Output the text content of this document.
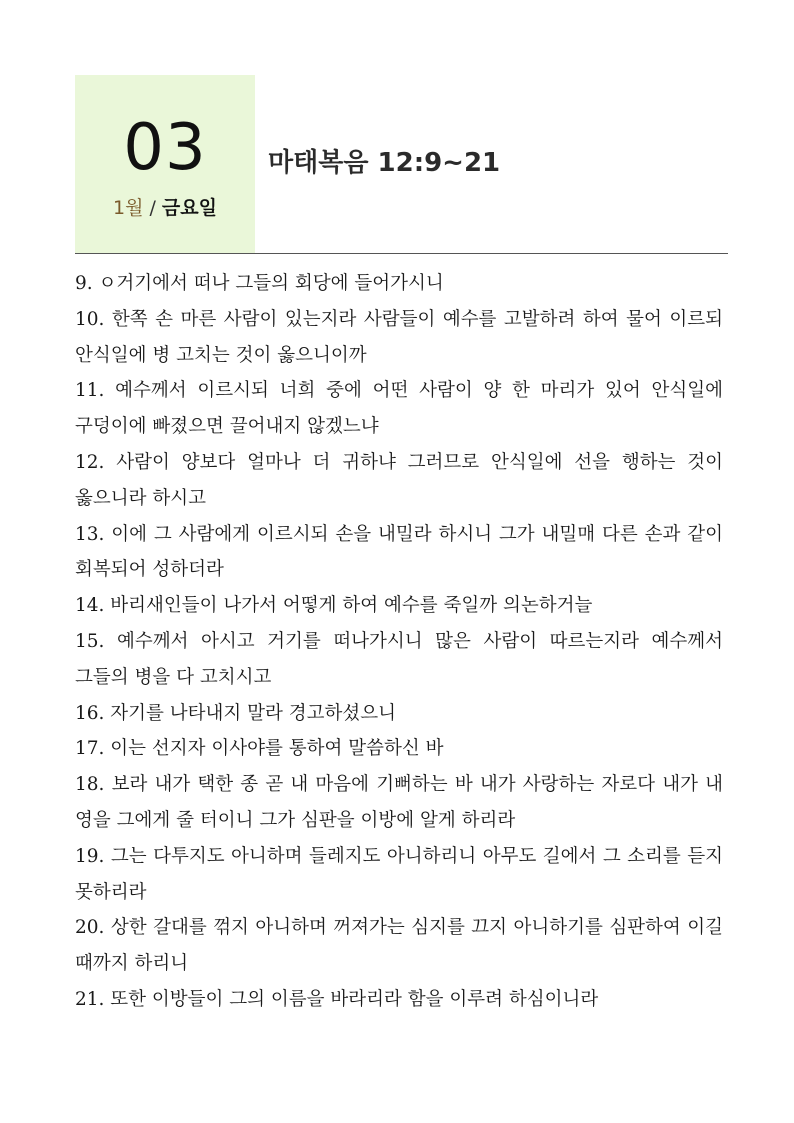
03
1월 / 금요일
마태복음 12:9~21

9. ㅇ거기에서 떠나 그들의 회당에 들어가시니

10. 한쪽 손 마른 사람이 있는지라 사람들이 예수를 고발하려 하여 물어 이르되 안식일에 병 고치는 것이 옳으니이까

11. 예수께서 이르시되 너희 중에 어떤 사람이 양 한 마리가 있어 안식일에 구덩이에 빠졌으면 끌어내지 않겠느냐

12. 사람이 양보다 얼마나 더 귀하냐 그러므로 안식일에 선을 행하는 것이 옳으니라 하시고

13. 이에 그 사람에게 이르시되 손을 내밀라 하시니 그가 내밀매 다른 손과 같이 회복되어 성하더라

14. 바리새인들이 나가서 어떻게 하여 예수를 죽일까 의논하거늘

15. 예수께서 아시고 거기를 떠나가시니 많은 사람이 따르는지라 예수께서 그들의 병을 다 고치시고

16. 자기를 나타내지 말라 경고하셨으니

17. 이는 선지자 이사야를 통하여 말씀하신 바

18. 보라 내가 택한 종 곧 내 마음에 기뻐하는 바 내가 사랑하는 자로다 내가 내 영을 그에게 줄 터이니 그가 심판을 이방에 알게 하리라

19. 그는 다투지도 아니하며 들레지도 아니하리니 아무도 길에서 그 소리를 듣지 못하리라

20. 상한 갈대를 꺾지 아니하며 꺼져가는 심지를 끄지 아니하기를 심판하여 이길 때까지 하리니

21. 또한 이방들이 그의 이름을 바라리라 함을 이루려 하심이니라
